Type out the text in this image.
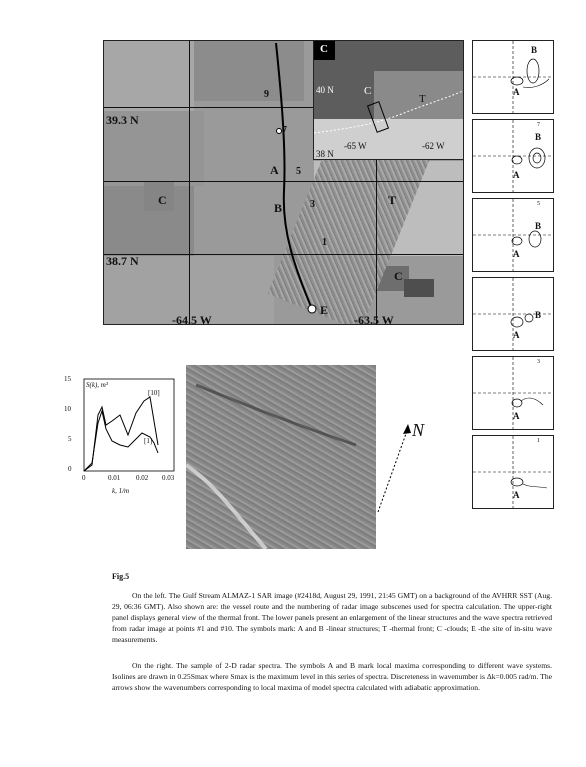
39.3 N
38.7 N
-64.5 W	-63.5 W
C	T
C
9
7
A 5
B	3
1
E
C
40 N
38 N
-65 W	-62 W
C
T
A
B
7
A
B
5
A
B
A
B
3
A
1
A
S(k), m³
k, 1/m
15
10
5
0
0	0.01 0.02 0.03
[10]
[1]
N
Fig.5

On the left. The Gulf Stream ALMAZ-1 SAR image (#2418d, August 29, 1991, 21:45 GMT) on a background of the AVHRR SST (Aug. 29, 06:36 GMT). Also shown are: the vessel route and the numbering of radar image subscenes used for spectra calculation. The upper-right panel displays general view of the thermal front. The lower panels present an enlargement of the linear structures and the wave spectra retrieved from radar image at points #1 and #10. The symbols mark: A and B -linear structures; T -thermal front; C -clouds; E -the site of in-situ wave measurements.

On the right. The sample of 2-D radar spectra. The symbols A and B mark local maxima corresponding to different wave systems. Isolines are drawn in 0.25Smax where Smax is the maximum level in this series of spectra. Discreteness in wavenumber is Δk=0.005 rad/m. The arrows show the wavenumbers corresponding to local maxima of model spectra calculated with adiabatic approximation.
